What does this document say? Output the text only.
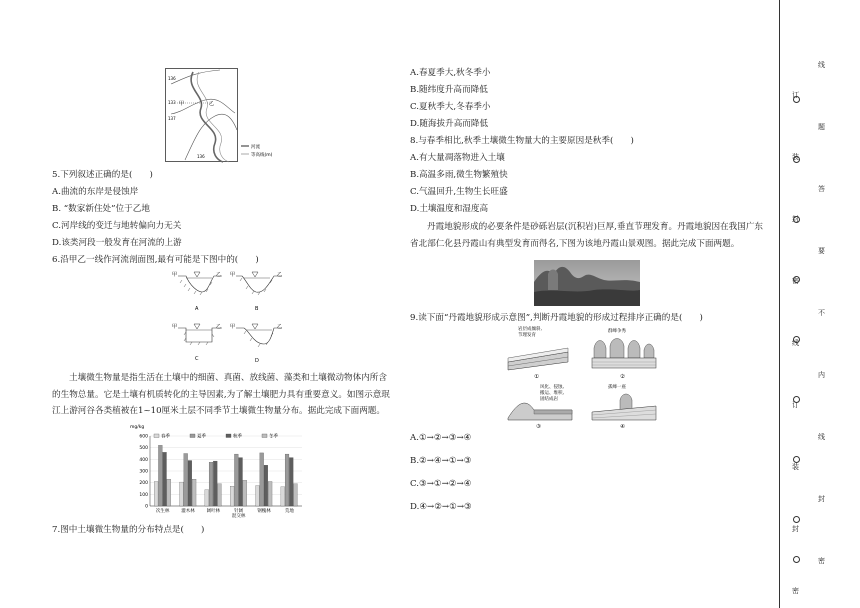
136
133
137
136
甲	乙
河流
等高线(m)
5.下列叙述正确的是(　　)
A.曲流的东岸是侵蚀岸
B. “数家新住处”位于乙地
C.河岸线的变迁与地转偏向力无关
D.该类河段一般发育在河流的上游
6.沿甲乙一线作河流剖面图,最有可能是下图中的(　　)
甲	乙
A
甲	乙
B
甲	乙
C
甲	乙
D
土壤微生物量是指生活在土壤中的细菌、真菌、放线菌、藻类和土壤微动物体内所含的生物总量。它是土壤有机质转化的主导因素,为了解土壤肥力具有重要意义。如图示意珉江上游河谷各类植被在1~10厘米土层不同季节土壤微生物量分布。据此完成下面两题。
mg/kg
0
100
200
300
400
500
600	春季	夏季	秋季	冬季
次生林	灌木林	阔叶林	针阔
混交林
钢槐林	荒地
7.图中土壤微生物量的分布特点是(　　)
A.春夏季大,秋冬季小
B.随纬度升高而降低
C.夏秋季大,冬春季小
D.随海拔升高而降低
8.与春季相比,秋季土壤微生物量大的主要原因是秋季(　　)
A.有大量凋落物进入土壤
B.高温多雨,微生物繁殖快
C.气温回升,生物生长旺盛
D.土壤温度和湿度高
丹霞地貌形成的必要条件是砂砾岩层(沉积岩)巨厚,垂直节理发育。丹霞地貌因在我国广东省北部仁化县丹霞山有典型发育而得名,下图为该地丹霞山景观图。据此完成下面两题。
9.读下面“丹霞地貌形成示意图”,判断丹霞地貌的形成过程排序正确的是(　　)
岩层成倾斜,
节理发育
①
群峰争秀
②
风化、侵蚀,
搬运、堆积,
固结成岩
③
孤峰一座
④
A.①→②→③→④
B.②→④→①→③
C.③→①→②→④
D.④→②→①→③
线
订
题
装
答
封
要
密
不
线
内
订
线
装
封
封
密
密
